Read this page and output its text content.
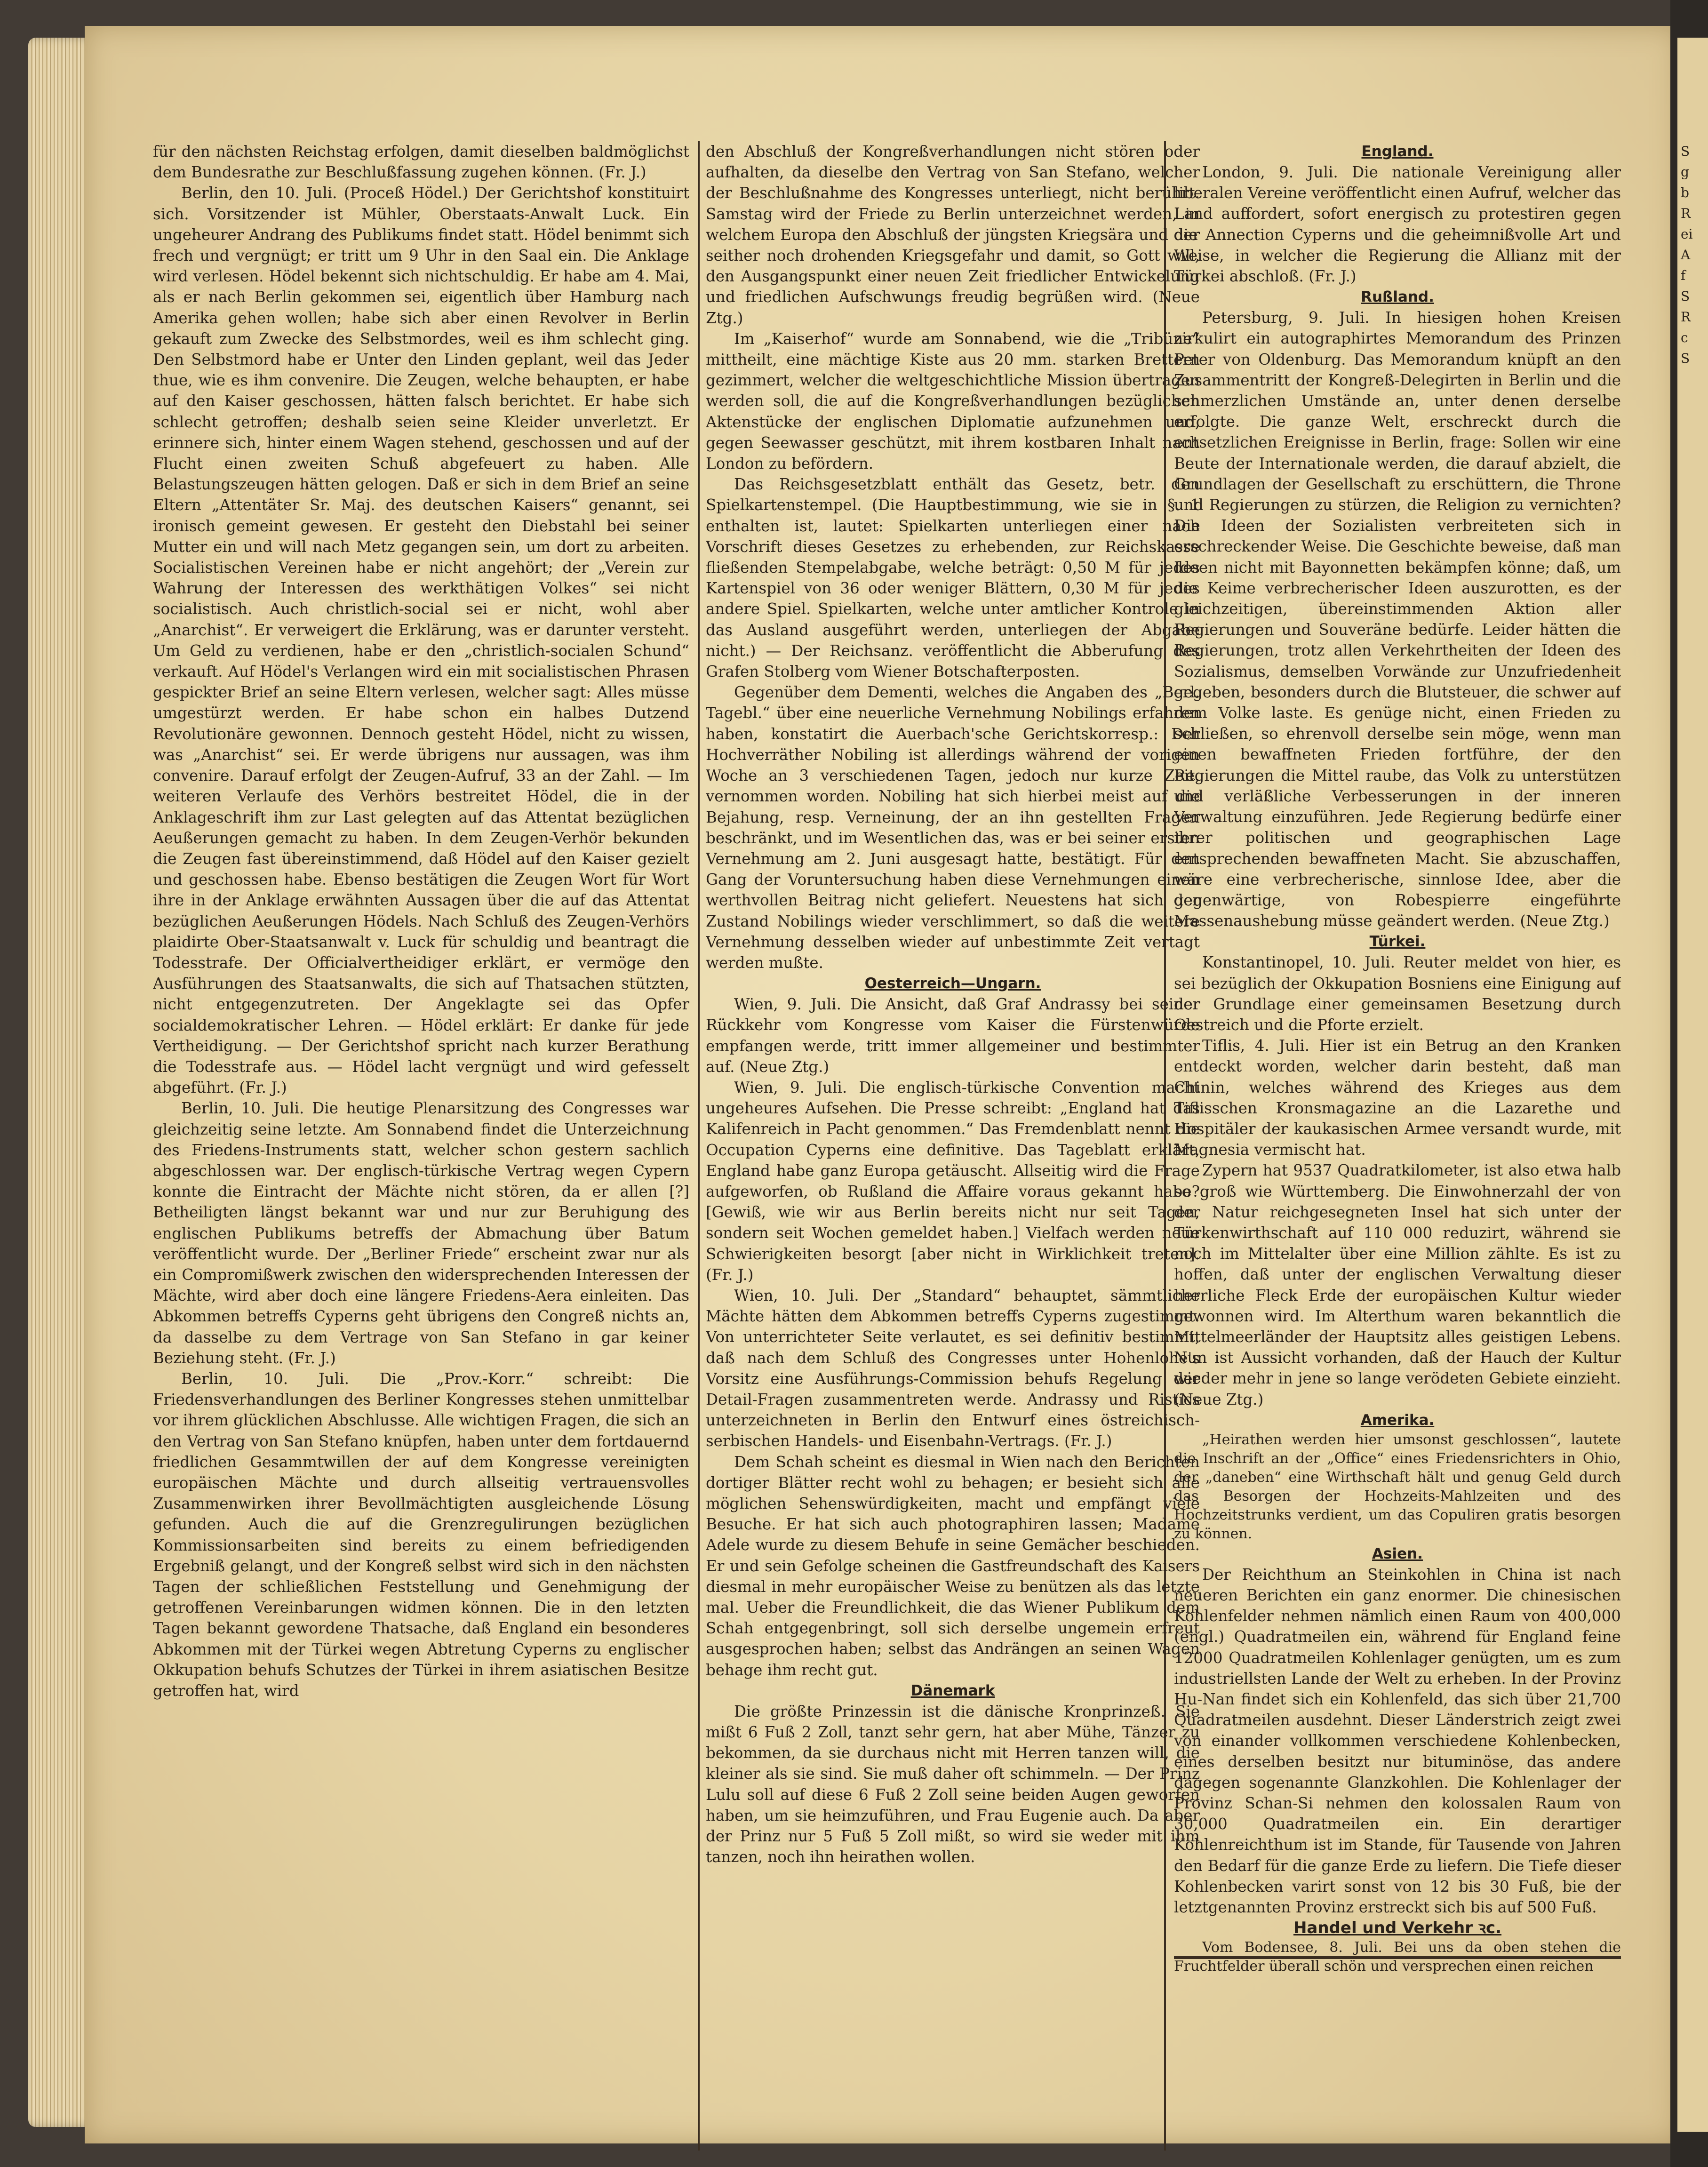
für den nächsten Reichstag erfolgen, damit dieselben baldmöglichst dem Bundesrathe zur Beschlußfassung zugehen können. (Fr. J.)

Berlin, den 10. Juli. (Proceß Hödel.) Der Gerichtshof konstituirt sich. Vorsitzender ist Mühler, Oberstaats-Anwalt Luck. Ein ungeheurer Andrang des Publikums findet statt. Hödel benimmt sich frech und vergnügt; er tritt um 9 Uhr in den Saal ein. Die Anklage wird verlesen. Hödel bekennt sich nichtschuldig. Er habe am 4. Mai, als er nach Berlin gekommen sei, eigentlich über Hamburg nach Amerika gehen wollen; habe sich aber einen Revolver in Berlin gekauft zum Zwecke des Selbstmordes, weil es ihm schlecht ging. Den Selbstmord habe er Unter den Linden geplant, weil das Jeder thue, wie es ihm convenire. Die Zeugen, welche behaupten, er habe auf den Kaiser geschossen, hätten falsch berichtet. Er habe sich schlecht getroffen; deshalb seien seine Kleider unverletzt. Er erinnere sich, hinter einem Wagen stehend, geschossen und auf der Flucht einen zweiten Schuß abgefeuert zu haben. Alle Belastungszeugen hätten gelogen. Daß er sich in dem Brief an seine Eltern „Attentäter Sr. Maj. des deutschen Kaisers“ genannt, sei ironisch gemeint gewesen. Er gesteht den Diebstahl bei seiner Mutter ein und will nach Metz gegangen sein, um dort zu arbeiten. Socialistischen Vereinen habe er nicht angehört; der „Verein zur Wahrung der Interessen des werkthätigen Volkes“ sei nicht socialistisch. Auch christlich-social sei er nicht, wohl aber „Anarchist“. Er verweigert die Erklärung, was er darunter versteht. Um Geld zu verdienen, habe er den „christlich-socialen Schund“ verkauft. Auf Hödel's Verlangen wird ein mit socialistischen Phrasen gespickter Brief an seine Eltern verlesen, welcher sagt: Alles müsse umgestürzt werden. Er habe schon ein halbes Dutzend Revolutionäre gewonnen. Dennoch gesteht Hödel, nicht zu wissen, was „Anarchist“ sei. Er werde übrigens nur aussagen, was ihm convenire. Darauf erfolgt der Zeugen-Aufruf, 33 an der Zahl. — Im weiteren Verlaufe des Verhörs bestreitet Hödel, die in der Anklageschrift ihm zur Last gelegten auf das Attentat bezüglichen Aeußerungen gemacht zu haben. In dem Zeugen-Verhör bekunden die Zeugen fast übereinstimmend, daß Hödel auf den Kaiser gezielt und geschossen habe. Ebenso bestätigen die Zeugen Wort für Wort ihre in der Anklage erwähnten Aussagen über die auf das Attentat bezüglichen Aeußerungen Hödels. Nach Schluß des Zeugen-Verhörs plaidirte Ober-Staatsanwalt v. Luck für schuldig und beantragt die Todesstrafe. Der Officialvertheidiger erklärt, er vermöge den Ausführungen des Staatsanwalts, die sich auf Thatsachen stützten, nicht entgegenzutreten. Der Angeklagte sei das Opfer socialdemokratischer Lehren. — Hödel erklärt: Er danke für jede Vertheidigung. — Der Gerichtshof spricht nach kurzer Berathung die Todesstrafe aus. — Hödel lacht vergnügt und wird gefesselt abgeführt. (Fr. J.)

Berlin, 10. Juli. Die heutige Plenarsitzung des Congresses war gleichzeitig seine letzte. Am Sonnabend findet die Unterzeichnung des Friedens-Instruments statt, welcher schon gestern sachlich abgeschlossen war. Der englisch-türkische Vertrag wegen Cypern konnte die Eintracht der Mächte nicht stören, da er allen [?] Betheiligten längst bekannt war und nur zur Beruhigung des englischen Publikums betreffs der Abmachung über Batum veröffentlicht wurde. Der „Berliner Friede“ erscheint zwar nur als ein Compromißwerk zwischen den widersprechenden Interessen der Mächte, wird aber doch eine längere Friedens-Aera einleiten. Das Abkommen betreffs Cyperns geht übrigens den Congreß nichts an, da dasselbe zu dem Vertrage von San Stefano in gar keiner Beziehung steht. (Fr. J.)

Berlin, 10. Juli. Die „Prov.-Korr.“ schreibt: Die Friedensverhandlungen des Berliner Kongresses stehen unmittelbar vor ihrem glücklichen Abschlusse. Alle wichtigen Fragen, die sich an den Vertrag von San Stefano knüpfen, haben unter dem fortdauernd friedlichen Gesammtwillen der auf dem Kongresse vereinigten europäischen Mächte und durch allseitig vertrauensvolles Zusammenwirken ihrer Bevollmächtigten ausgleichende Lösung gefunden. Auch die auf die Grenzregulirungen bezüglichen Kommissionsarbeiten sind bereits zu einem befriedigenden Ergebniß gelangt, und der Kongreß selbst wird sich in den nächsten Tagen der schließlichen Feststellung und Genehmigung der getroffenen Vereinbarungen widmen können. Die in den letzten Tagen bekannt gewordene Thatsache, daß England ein besonderes Abkommen mit der Türkei wegen Abtretung Cyperns zu englischer Okkupation behufs Schutzes der Türkei in ihrem asiatischen Besitze getroffen hat, wird

den Abschluß der Kongreßverhandlungen nicht stören oder aufhalten, da dieselbe den Vertrag von San Stefano, welcher der Beschlußnahme des Kongresses unterliegt, nicht berührt. Samstag wird der Friede zu Berlin unterzeichnet werden, in welchem Europa den Abschluß der jüngsten Kriegsära und der seither noch drohenden Kriegsgefahr und damit, so Gott will, den Ausgangspunkt einer neuen Zeit friedlicher Entwickelung und friedlichen Aufschwungs freudig begrüßen wird. (Neue Ztg.)

Im „Kaiserhof“ wurde am Sonnabend, wie die „Tribüne“ mittheilt, eine mächtige Kiste aus 20 mm. starken Brettern gezimmert, welcher die weltgeschichtliche Mission übertragen werden soll, die auf die Kongreßverhandlungen bezüglichen Aktenstücke der englischen Diplomatie aufzunehmen und, gegen Seewasser geschützt, mit ihrem kostbaren Inhalt nach London zu befördern.

Das Reichsgesetzblatt enthält das Gesetz, betr. den Spielkartenstempel. (Die Hauptbestimmung, wie sie in §. 1 enthalten ist, lautet: Spielkarten unterliegen einer nach Vorschrift dieses Gesetzes zu erhebenden, zur Reichskasse fließenden Stempelabgabe, welche beträgt: 0,50 M für jedes Kartenspiel von 36 oder weniger Blättern, 0,30 M für jedes andere Spiel. Spielkarten, welche unter amtlicher Kontrole in das Ausland ausgeführt werden, unterliegen der Abgabe nicht.) — Der Reichsanz. veröffentlicht die Abberufung des Grafen Stolberg vom Wiener Botschafterposten.

Gegenüber dem Dementi, welches die Angaben des „Berl. Tagebl.“ über eine neuerliche Vernehmung Nobilings erfahren haben, konstatirt die Auerbach'sche Gerichtskorresp.: Der Hochverräther Nobiling ist allerdings während der vorigen Woche an 3 verschiedenen Tagen, jedoch nur kurze Zeit, vernommen worden. Nobiling hat sich hierbei meist auf die Bejahung, resp. Verneinung, der an ihn gestellten Fragen beschränkt, und im Wesentlichen das, was er bei seiner ersten Vernehmung am 2. Juni ausgesagt hatte, bestätigt. Für den Gang der Voruntersuchung haben diese Vernehmungen einen werthvollen Beitrag nicht geliefert. Neuestens hat sich der Zustand Nobilings wieder verschlimmert, so daß die weitere Vernehmung desselben wieder auf unbestimmte Zeit vertagt werden mußte.

Oesterreich—Ungarn.

Wien, 9. Juli. Die Ansicht, daß Graf Andrassy bei seiner Rückkehr vom Kongresse vom Kaiser die Fürstenwürde empfangen werde, tritt immer allgemeiner und bestimmter auf. (Neue Ztg.)

Wien, 9. Juli. Die englisch-türkische Convention macht ungeheures Aufsehen. Die Presse schreibt: „England hat das Kalifenreich in Pacht genommen.“ Das Fremdenblatt nennt die Occupation Cyperns eine definitive. Das Tageblatt erklärt, England habe ganz Europa getäuscht. Allseitig wird die Frage aufgeworfen, ob Rußland die Affaire voraus gekannt habe? [Gewiß, wie wir aus Berlin bereits nicht nur seit Tagen, sondern seit Wochen gemeldet haben.] Vielfach werden neue Schwierigkeiten besorgt [aber nicht in Wirklichkeit treten]. (Fr. J.)

Wien, 10. Juli. Der „Standard“ behauptet, sämmtliche Mächte hätten dem Abkommen betreffs Cyperns zugestimmt. Von unterrichteter Seite verlautet, es sei definitiv bestimmt, daß nach dem Schluß des Congresses unter Hohenlohe's Vorsitz eine Ausführungs-Commission behufs Regelung der Detail-Fragen zusammentreten werde. Andrassy und Ristics unterzeichneten in Berlin den Entwurf eines östreichisch-serbischen Handels- und Eisenbahn-Vertrags. (Fr. J.)

Dem Schah scheint es diesmal in Wien nach den Berichten dortiger Blätter recht wohl zu behagen; er besieht sich alle möglichen Sehenswürdigkeiten, macht und empfängt viele Besuche. Er hat sich auch photographiren lassen; Madame Adele wurde zu diesem Behufe in seine Gemächer beschieden. Er und sein Gefolge scheinen die Gastfreundschaft des Kaisers diesmal in mehr europäischer Weise zu benützen als das letzte mal. Ueber die Freundlichkeit, die das Wiener Publikum dem Schah entgegenbringt, soll sich derselbe ungemein erfreut ausgesprochen haben; selbst das Andrängen an seinen Wagen behage ihm recht gut.

Dänemark

Die größte Prinzessin ist die dänische Kronprinzeß. Sie mißt 6 Fuß 2 Zoll, tanzt sehr gern, hat aber Mühe, Tänzer zu bekommen, da sie durchaus nicht mit Herren tanzen will, die kleiner als sie sind. Sie muß daher oft schimmeln. — Der Prinz Lulu soll auf diese 6 Fuß 2 Zoll seine beiden Augen geworfen haben, um sie heimzuführen, und Frau Eugenie auch. Da aber der Prinz nur 5 Fuß 5 Zoll mißt, so wird sie weder mit ihm tanzen, noch ihn heirathen wollen.

England.

London, 9. Juli. Die nationale Vereinigung aller liberalen Vereine veröffentlicht einen Aufruf, welcher das Land auffordert, sofort energisch zu protestiren gegen die Annection Cyperns und die geheimnißvolle Art und Weise, in welcher die Regierung die Allianz mit der Türkei abschloß. (Fr. J.)

Rußland.

Petersburg, 9. Juli. In hiesigen hohen Kreisen zirkulirt ein autographirtes Memorandum des Prinzen Peter von Oldenburg. Das Memorandum knüpft an den Zusammentritt der Kongreß-Delegirten in Berlin und die schmerzlichen Umstände an, unter denen derselbe erfolgte. Die ganze Welt, erschreckt durch die entsetzlichen Ereignisse in Berlin, frage: Sollen wir eine Beute der Internationale werden, die darauf abzielt, die Grundlagen der Gesellschaft zu erschüttern, die Throne und Regierungen zu stürzen, die Religion zu vernichten? Die Ideen der Sozialisten verbreiteten sich in erschreckender Weise. Die Geschichte beweise, daß man Ideen nicht mit Bayonnetten bekämpfen könne; daß, um die Keime verbrecherischer Ideen auszurotten, es der gleichzeitigen, übereinstimmenden Aktion aller Regierungen und Souveräne bedürfe. Leider hätten die Regierungen, trotz allen Verkehrtheiten der Ideen des Sozialismus, demselben Vorwände zur Unzufriedenheit gegeben, besonders durch die Blutsteuer, die schwer auf dem Volke laste. Es genüge nicht, einen Frieden zu schließen, so ehrenvoll derselbe sein möge, wenn man einen bewaffneten Frieden fortführe, der den Regierungen die Mittel raube, das Volk zu unterstützen und verläßliche Verbesserungen in der inneren Verwaltung einzuführen. Jede Regierung bedürfe einer ihrer politischen und geographischen Lage entsprechenden bewaffneten Macht. Sie abzuschaffen, wäre eine verbrecherische, sinnlose Idee, aber die gegenwärtige, von Robespierre eingeführte Massenaushebung müsse geändert werden. (Neue Ztg.)

Türkei.

Konstantinopel, 10. Juli. Reuter meldet von hier, es sei bezüglich der Okkupation Bosniens eine Einigung auf der Grundlage einer gemeinsamen Besetzung durch Oestreich und die Pforte erzielt.

Tiflis, 4. Juli. Hier ist ein Betrug an den Kranken entdeckt worden, welcher darin besteht, daß man Chinin, welches während des Krieges aus dem Tiflisschen Kronsmagazine an die Lazarethe und Hospitäler der kaukasischen Armee versandt wurde, mit Magnesia vermischt hat.

Zypern hat 9537 Quadratkilometer, ist also etwa halb so groß wie Württemberg. Die Einwohnerzahl der von der Natur reichgesegneten Insel hat sich unter der Türkenwirthschaft auf 110 000 reduzirt, während sie noch im Mittelalter über eine Million zählte. Es ist zu hoffen, daß unter der englischen Verwaltung dieser herrliche Fleck Erde der europäischen Kultur wieder gewonnen wird. Im Alterthum waren bekanntlich die Mittelmeerländer der Hauptsitz alles geistigen Lebens. Nun ist Aussicht vorhanden, daß der Hauch der Kultur wieder mehr in jene so lange verödeten Gebiete einzieht. (Neue Ztg.)

Amerika.

„Heirathen werden hier umsonst geschlossen“, lautete die Inschrift an der „Office“ eines Friedensrichters in Ohio, der „daneben“ eine Wirthschaft hält und genug Geld durch das Besorgen der Hochzeits-Mahlzeiten und des Hochzeitstrunks verdient, um das Copuliren gratis besorgen zu können.

Asien.

Der Reichthum an Steinkohlen in China ist nach neueren Berichten ein ganz enormer. Die chinesischen Kohlenfelder nehmen nämlich einen Raum von 400,000 (engl.) Quadratmeilen ein, während für England feine 12000 Quadratmeilen Kohlenlager genügten, um es zum industriellsten Lande der Welt zu erheben. In der Provinz Hu-Nan findet sich ein Kohlenfeld, das sich über 21,700 Quadratmeilen ausdehnt. Dieser Länderstrich zeigt zwei von einander vollkommen verschiedene Kohlenbecken, eines derselben besitzt nur bituminöse, das andere dagegen sogenannte Glanzkohlen. Die Kohlenlager der Provinz Schan-Si nehmen den kolossalen Raum von 30,000 Quadratmeilen ein. Ein derartiger Kohlenreichthum ist im Stande, für Tausende von Jahren den Bedarf für die ganze Erde zu liefern. Die Tiefe dieser Kohlenbecken varirt sonst von 12 bis 30 Fuß, bie der letztgenannten Provinz erstreckt sich bis auf 500 Fuß.

Handel und Verkehr ꝛc.

Vom Bodensee, 8. Juli. Bei uns da oben stehen die Fruchtfelder überall schön und versprechen einen reichen

S
g
b
R
ei
A
f
S
R
c
S
